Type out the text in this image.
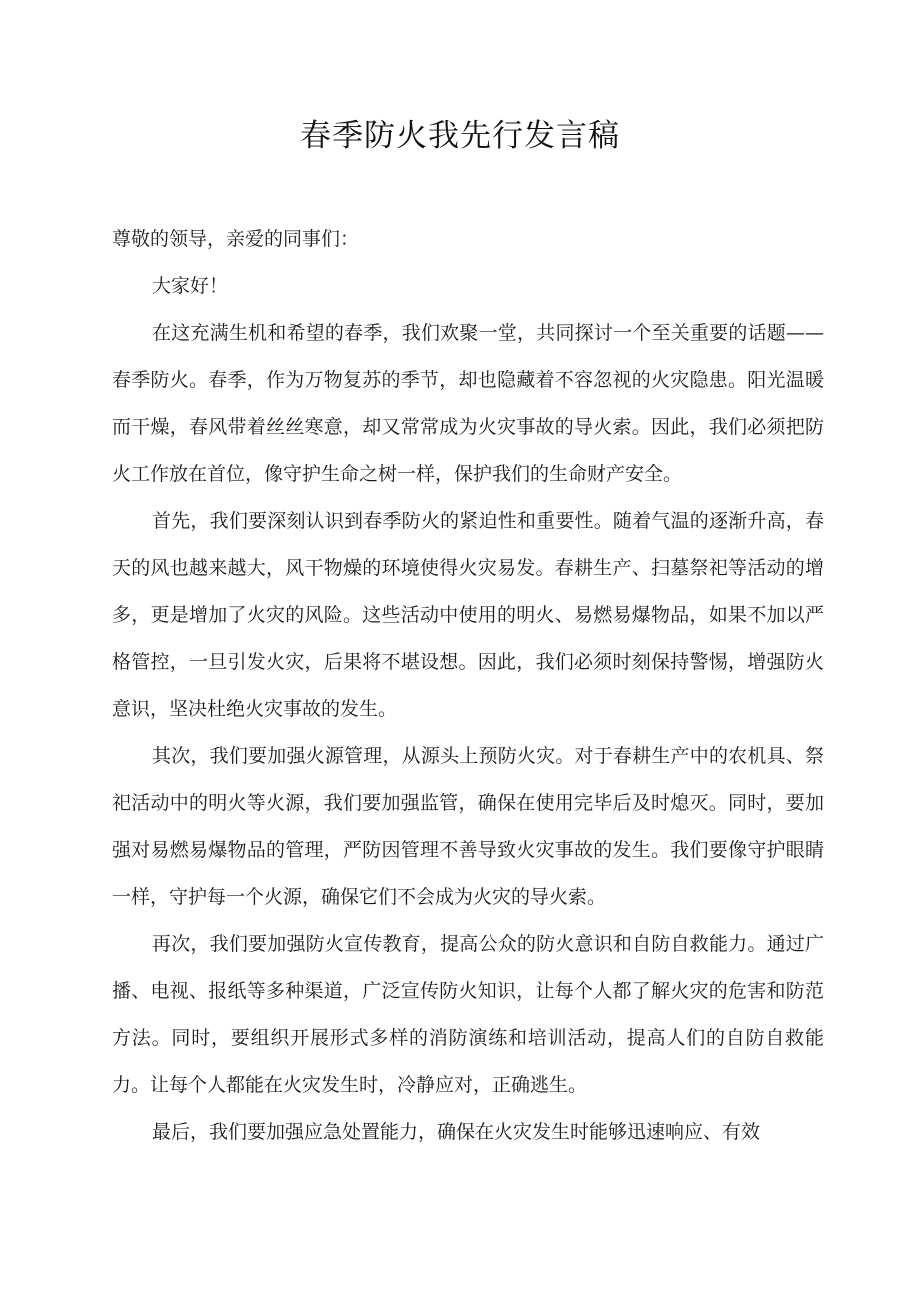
春季防火我先行发言稿

尊敬的领导，亲爱的同事们：

大家好！

在这充满生机和希望的春季，我们欢聚一堂，共同探讨一个至关重要的话题——春季防火。春季，作为万物复苏的季节，却也隐藏着不容忽视的火灾隐患。阳光温暖而干燥，春风带着丝丝寒意，却又常常成为火灾事故的导火索。因此，我们必须把防火工作放在首位，像守护生命之树一样，保护我们的生命财产安全。

首先，我们要深刻认识到春季防火的紧迫性和重要性。随着气温的逐渐升高，春天的风也越来越大，风干物燥的环境使得火灾易发。春耕生产、扫墓祭祀等活动的增多，更是增加了火灾的风险。这些活动中使用的明火、易燃易爆物品，如果不加以严格管控，一旦引发火灾，后果将不堪设想。因此，我们必须时刻保持警惕，增强防火意识，坚决杜绝火灾事故的发生。

其次，我们要加强火源管理，从源头上预防火灾。对于春耕生产中的农机具、祭祀活动中的明火等火源，我们要加强监管，确保在使用完毕后及时熄灭。同时，要加强对易燃易爆物品的管理，严防因管理不善导致火灾事故的发生。我们要像守护眼睛一样，守护每一个火源，确保它们不会成为火灾的导火索。

再次，我们要加强防火宣传教育，提高公众的防火意识和自防自救能力。通过广播、电视、报纸等多种渠道，广泛宣传防火知识，让每个人都了解火灾的危害和防范方法。同时，要组织开展形式多样的消防演练和培训活动，提高人们的自防自救能力。让每个人都能在火灾发生时，冷静应对，正确逃生。

最后，我们要加强应急处置能力，确保在火灾发生时能够迅速响应、有效
